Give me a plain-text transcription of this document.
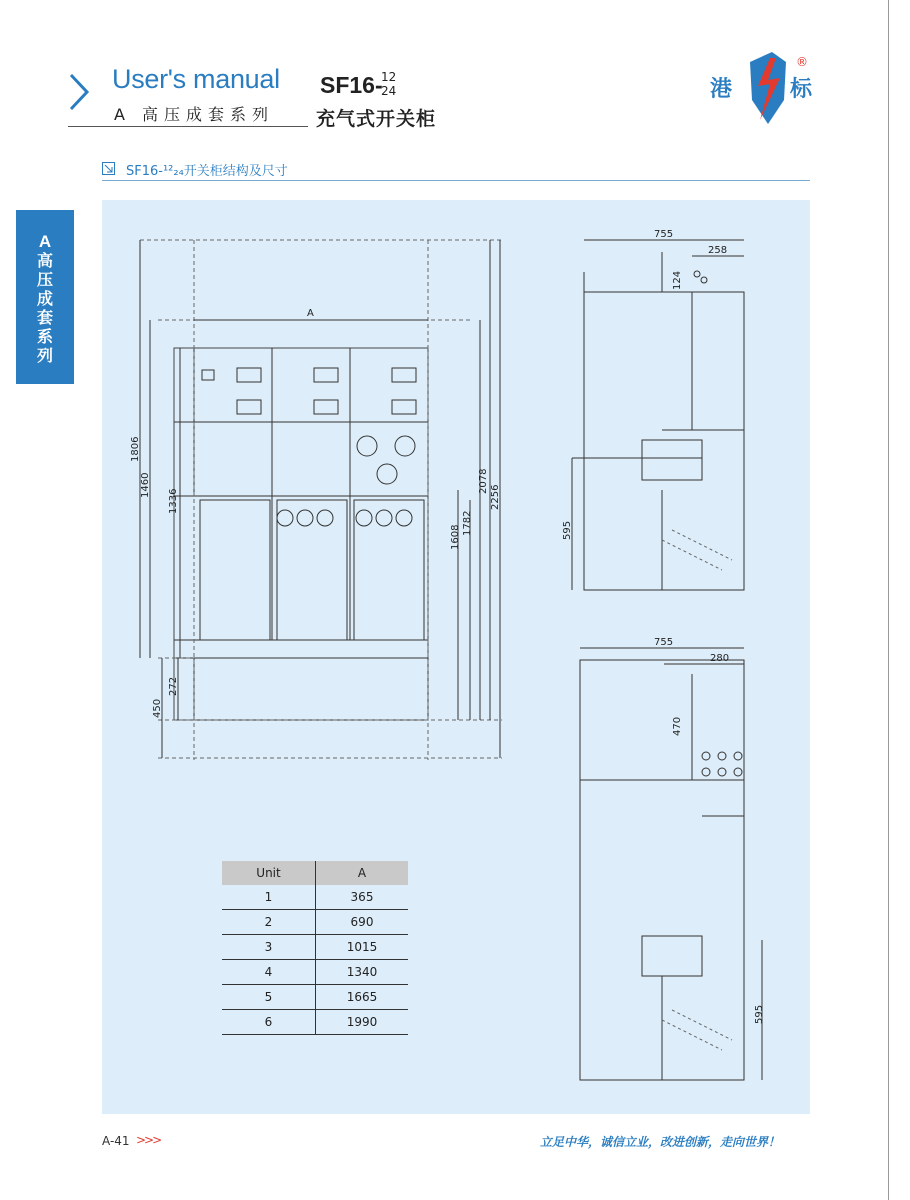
User's manual
A 高压成套系列
SF16-
12
24
充气式开关柜
港	标
®
SF16-¹²₂₄开关柜结构及尺寸
A
高压成套系列
A
1806
1460
1336
2078
2256
1782
1608
450
272
755
258
124
595
755
280
470
595
Unit	A
1	365
2	690
3	1015
4	1340
5	1665
6	1990
A-41 >>>	立足中华，诚信立业，改进创新，走向世界！
